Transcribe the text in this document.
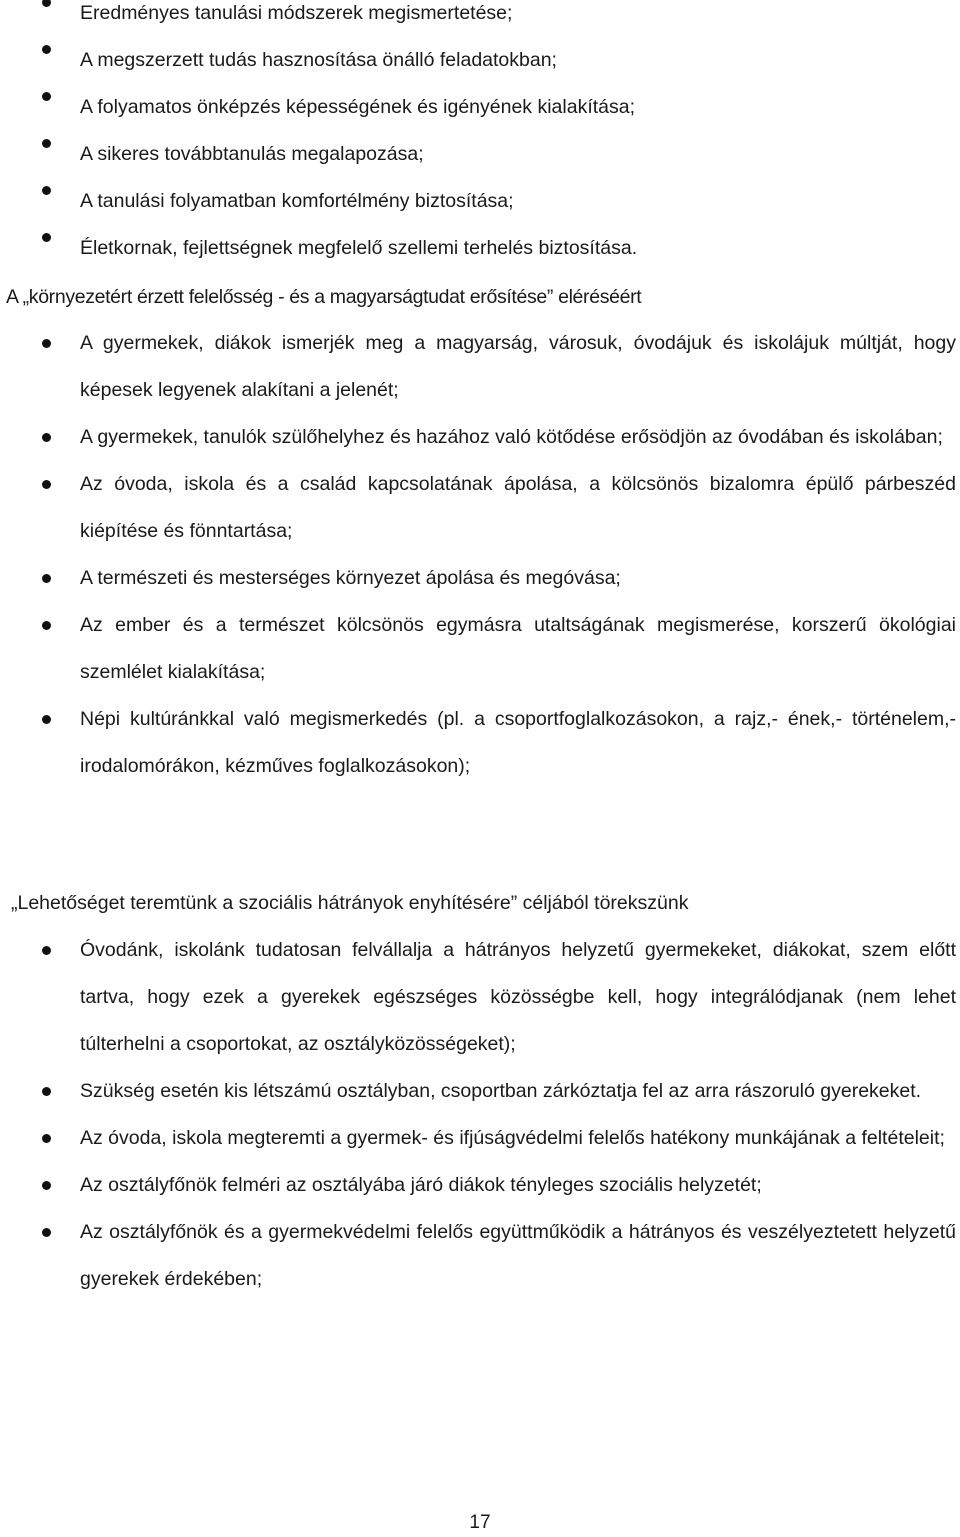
Eredményes tanulási módszerek megismertetése;
A megszerzett tudás hasznosítása önálló feladatokban;
A folyamatos önképzés képességének és igényének kialakítása;
A sikeres továbbtanulás megalapozása;
A tanulási folyamatban komfortélmény biztosítása;
Életkornak, fejlettségnek megfelelő szellemi terhelés biztosítása.
A „környezetért érzett felelősség - és a magyarságtudat erősítése” eléréséért
A gyermekek, diákok ismerjék meg a magyarság, városuk, óvodájuk és iskolájuk múltját, hogy képesek legyenek alakítani a jelenét;
A gyermekek, tanulók szülőhelyhez és hazához való kötődése erősödjön az óvodában és iskolában;
Az óvoda, iskola és a család kapcsolatának ápolása, a kölcsönös bizalomra épülő párbeszéd kiépítése és fönntartása;
A természeti és mesterséges környezet ápolása és megóvása;
Az ember és a természet kölcsönös egymásra utaltságának megismerése, korszerű ökológiai szemlélet kialakítása;
Népi kultúránkkal való megismerkedés (pl. a csoportfoglalkozásokon, a rajz,- ének,- történelem,- irodalomórákon, kézműves foglalkozásokon);
„Lehetőséget teremtünk a szociális hátrányok enyhítésére” céljából törekszünk
Óvodánk, iskolánk tudatosan felvállalja a hátrányos helyzetű gyermekeket, diákokat, szem előtt tartva, hogy ezek a gyerekek egészséges közösségbe kell, hogy integrálódjanak (nem lehet túlterhelni a csoportokat, az osztályközösségeket);
Szükség esetén kis létszámú osztályban, csoportban zárkóztatja fel az arra rászoruló gyerekeket.
Az óvoda, iskola megteremti a gyermek- és ifjúságvédelmi felelős hatékony munkájának a feltételeit;
Az osztályfőnök felméri az osztályába járó diákok tényleges szociális helyzetét;
Az osztályfőnök és a gyermekvédelmi felelős együttműködik a hátrányos és veszélyeztetett helyzetű gyerekek érdekében;
17
